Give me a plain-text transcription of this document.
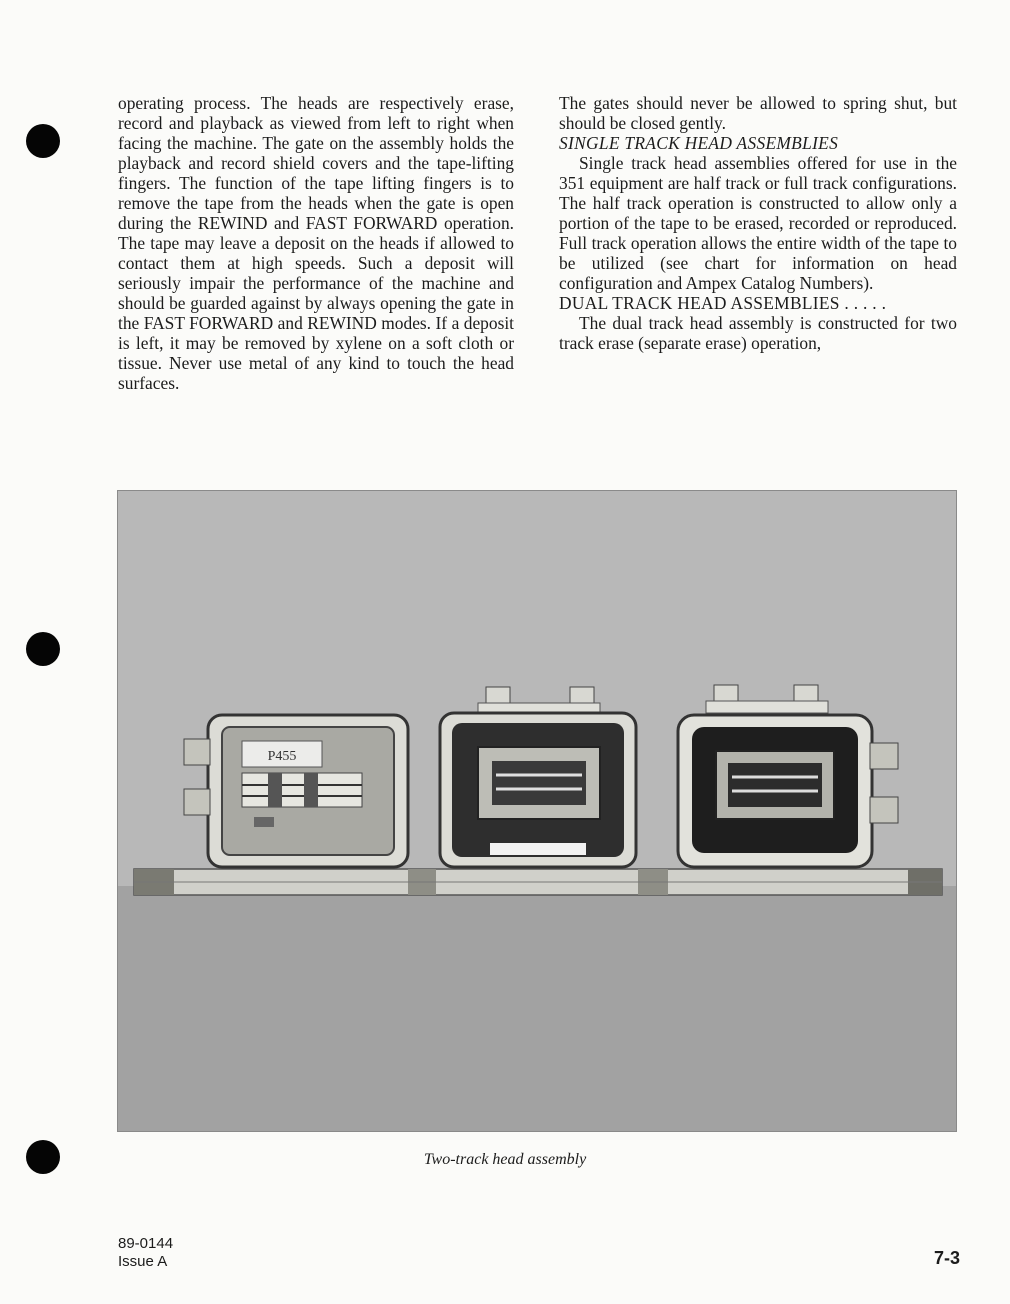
operating process. The heads are respectively erase, record and playback as viewed from left to right when facing the machine. The gate on the assembly holds the playback and record shield covers and the tape-lifting fingers. The function of the tape lifting fingers is to remove the tape from the heads when the gate is open during the REWIND and FAST FORWARD operation. The tape may leave a deposit on the heads if allowed to contact them at high speeds. Such a deposit will seriously impair the performance of the machine and should be guarded against by always opening the gate in the FAST FORWARD and REWIND modes. If a deposit is left, it may be removed by xylene on a soft cloth or tissue. Never use metal of any kind to touch the head surfaces.

The gates should never be allowed to spring shut, but should be closed gently.

SINGLE TRACK HEAD ASSEMBLIES

Single track head assemblies offered for use in the 351 equipment are half track or full track configurations. The half track operation is constructed to allow only a portion of the tape to be erased, recorded or reproduced. Full track operation allows the entire width of the tape to be utilized (see chart for information on head configuration and Ampex Catalog Numbers).

DUAL TRACK HEAD ASSEMBLIES . . . . .

The dual track head assembly is constructed for two track erase (separate erase) operation,

P455
Two-track head assembly
89-0144
Issue A	7-3
